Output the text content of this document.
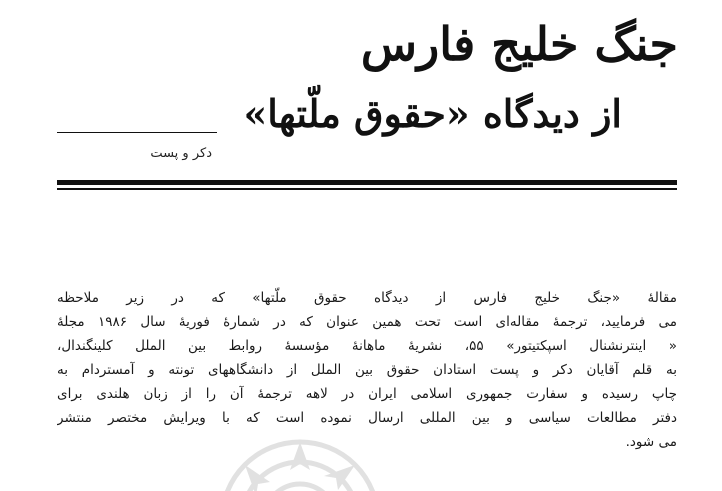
جنگ خلیج فارس
از دیدگاه «حقوق ملّتها»
دکر و پست
مقالهٔ «جنگ خلیج فارس از دیدگاه حقوق ملّتها» که در زیر ملاحظه
می فرمایید، ترجمهٔ مقاله‌ای است تحت همین عنوان که در شمارهٔ فوریهٔ سال ۱۹۸۶ مجلهٔ
« اینترنشنال اسپکتیتور» ۵۵، نشریهٔ ماهانهٔ مؤسسهٔ روابط بین الملل کلینگندال،
به قلم آقایان دکر و پست استادان حقوق بین الملل از دانشگاههای تونته و آمستردام به
چاپ رسیده و سفارت جمهوری اسلامی ایران در لاهه ترجمهٔ آن را از زبان هلندی برای
دفتر مطالعات سیاسی و بین المللی ارسال نموده است که با ویرایش مختصر منتشر
می شود.
